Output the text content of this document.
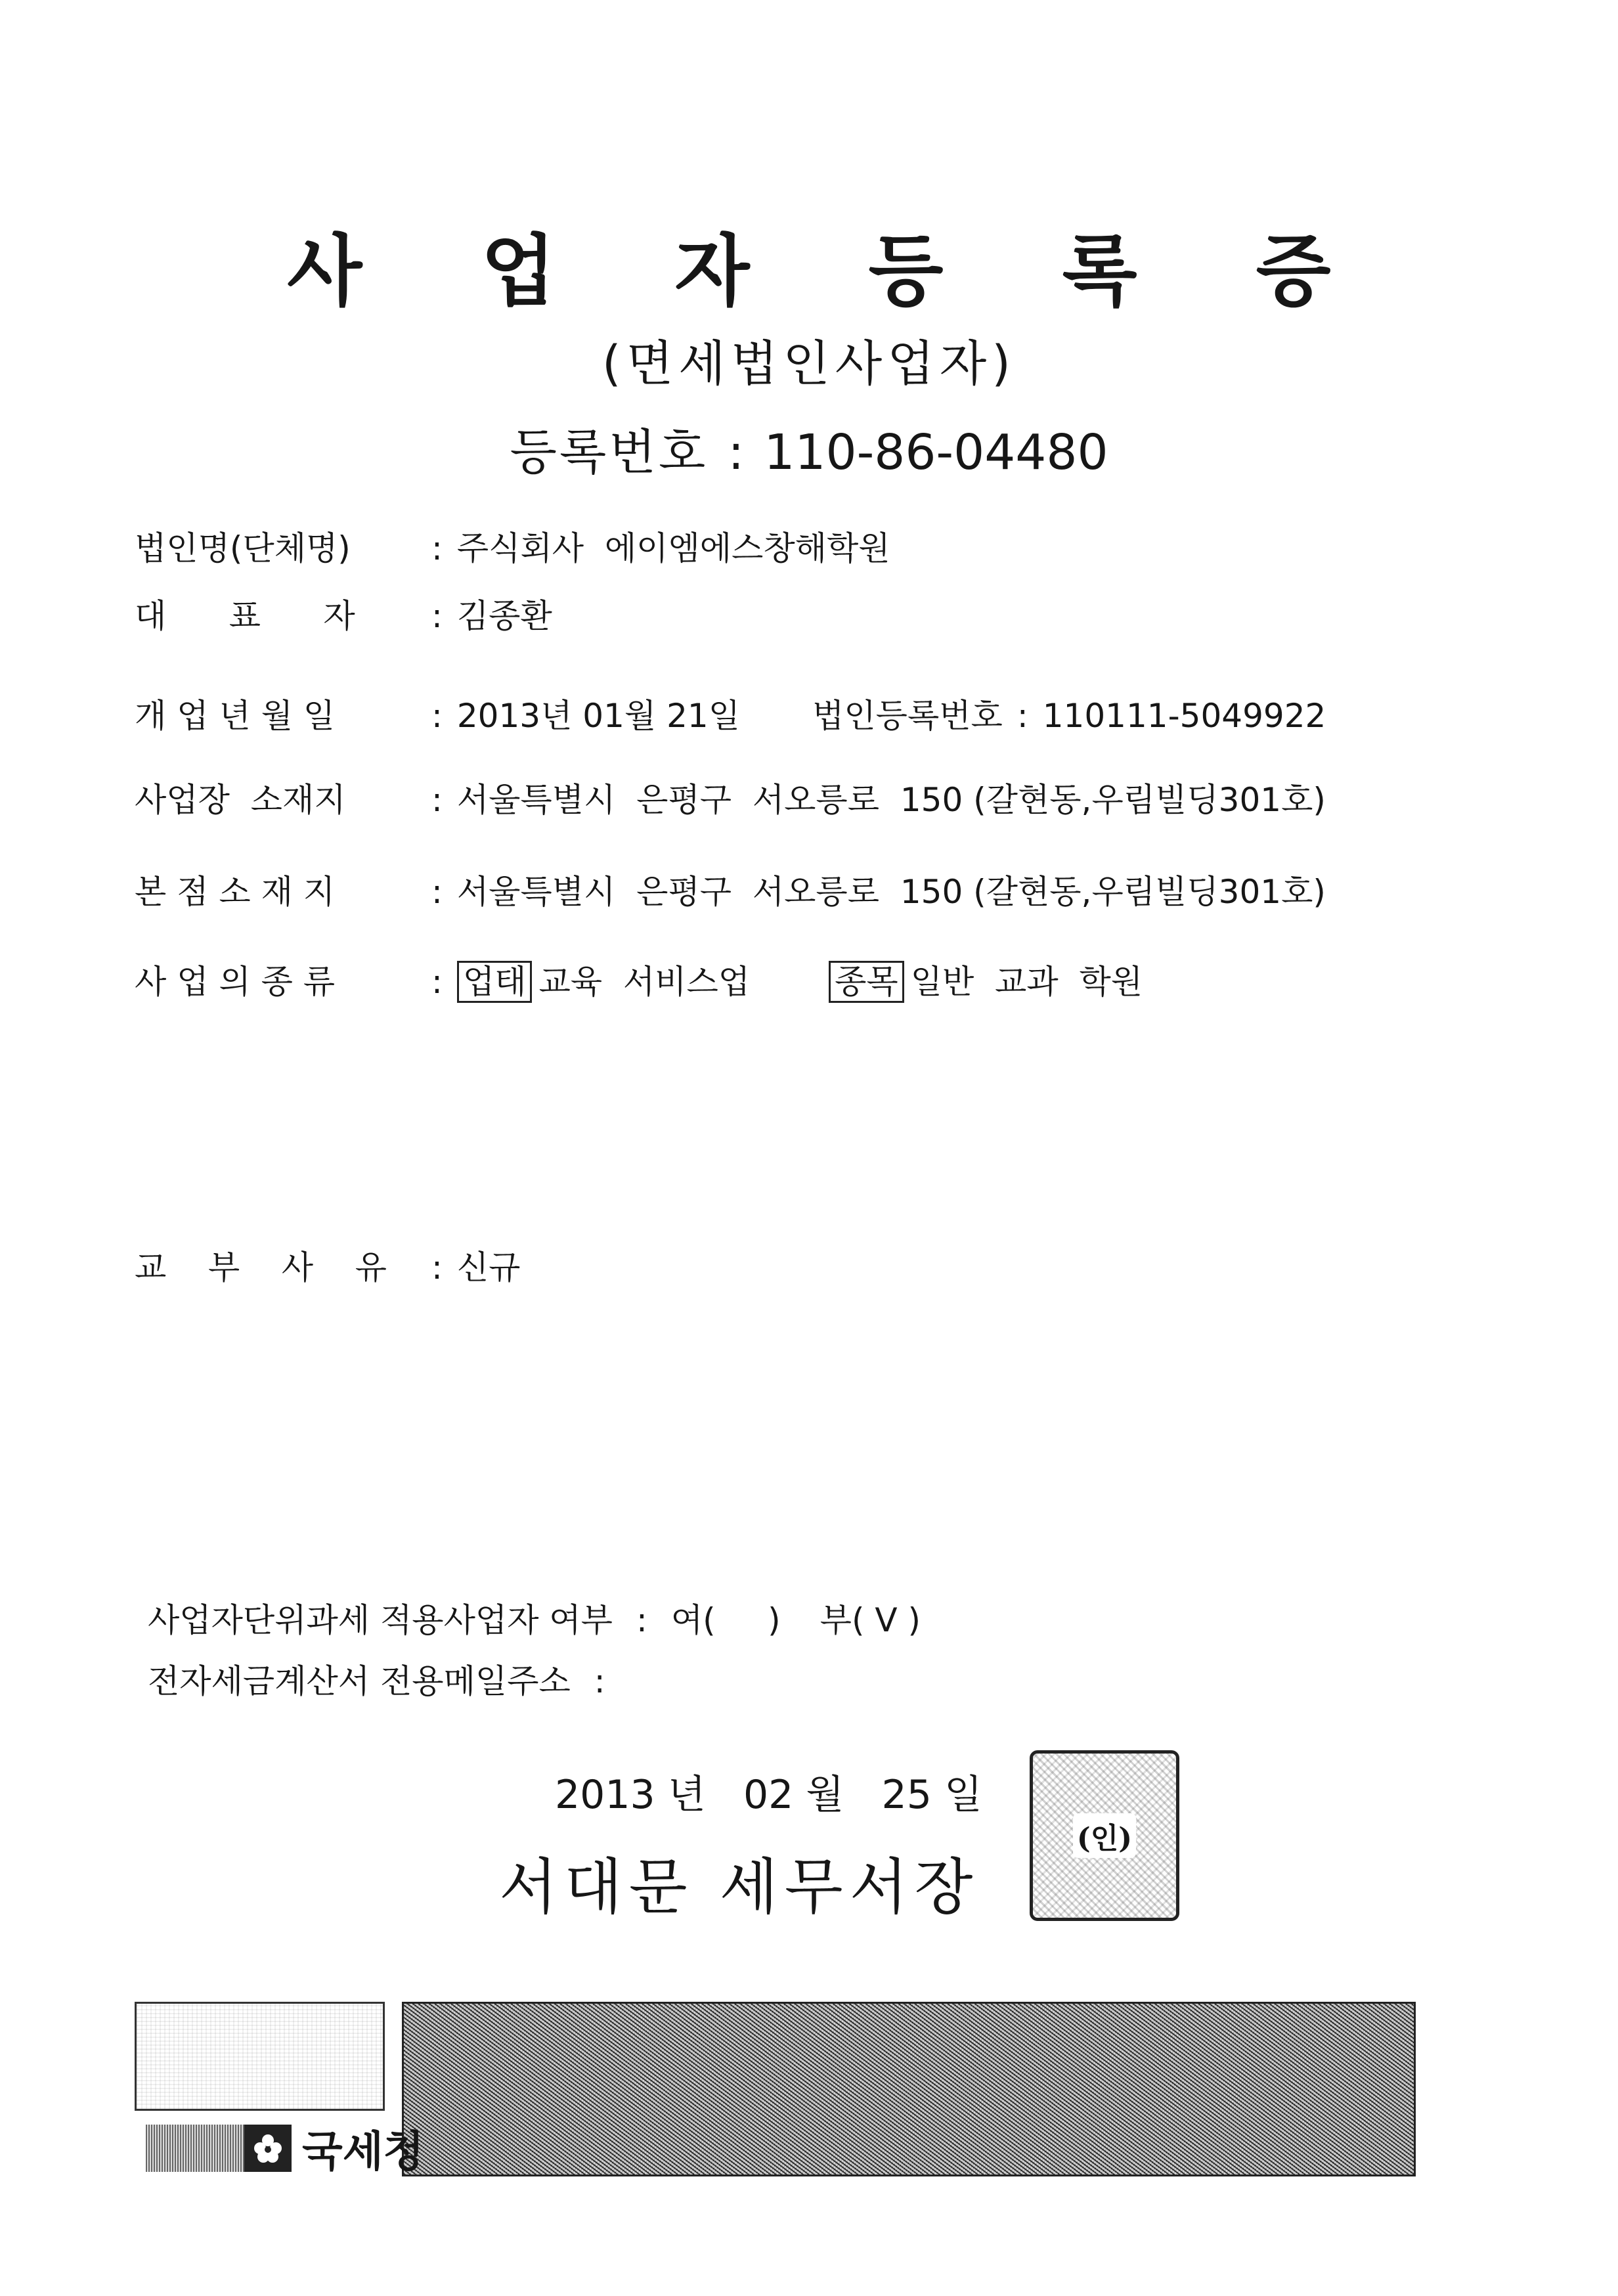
사 업 자 등 록 증
(면세법인사업자)
등록번호 : 110-86-04480
법인명(단체명) : 주식회사  에이엠에스창해학원
대      표      자 : 김종환
개 업 년 월 일	: 2013년 01월 21일 법인등록번호 : 110111-5049922
사업장  소재지	: 서울특별시  은평구  서오릉로  150 (갈현동,우림빌딩301호)
본 점 소 재 지	: 서울특별시  은평구  서오릉로  150 (갈현동,우림빌딩301호)
사 업 의 종 류	: 업태 교육  서비스업	종목 일반  교과  학원
교    부    사    유 : 신규
사업자단위과세 적용사업자 여부 : 여(     ) 부( V )
전자세금계산서 전용메일주소 :
2013 년   02 월   25 일
서대문 세무서장
(인)
국세청
